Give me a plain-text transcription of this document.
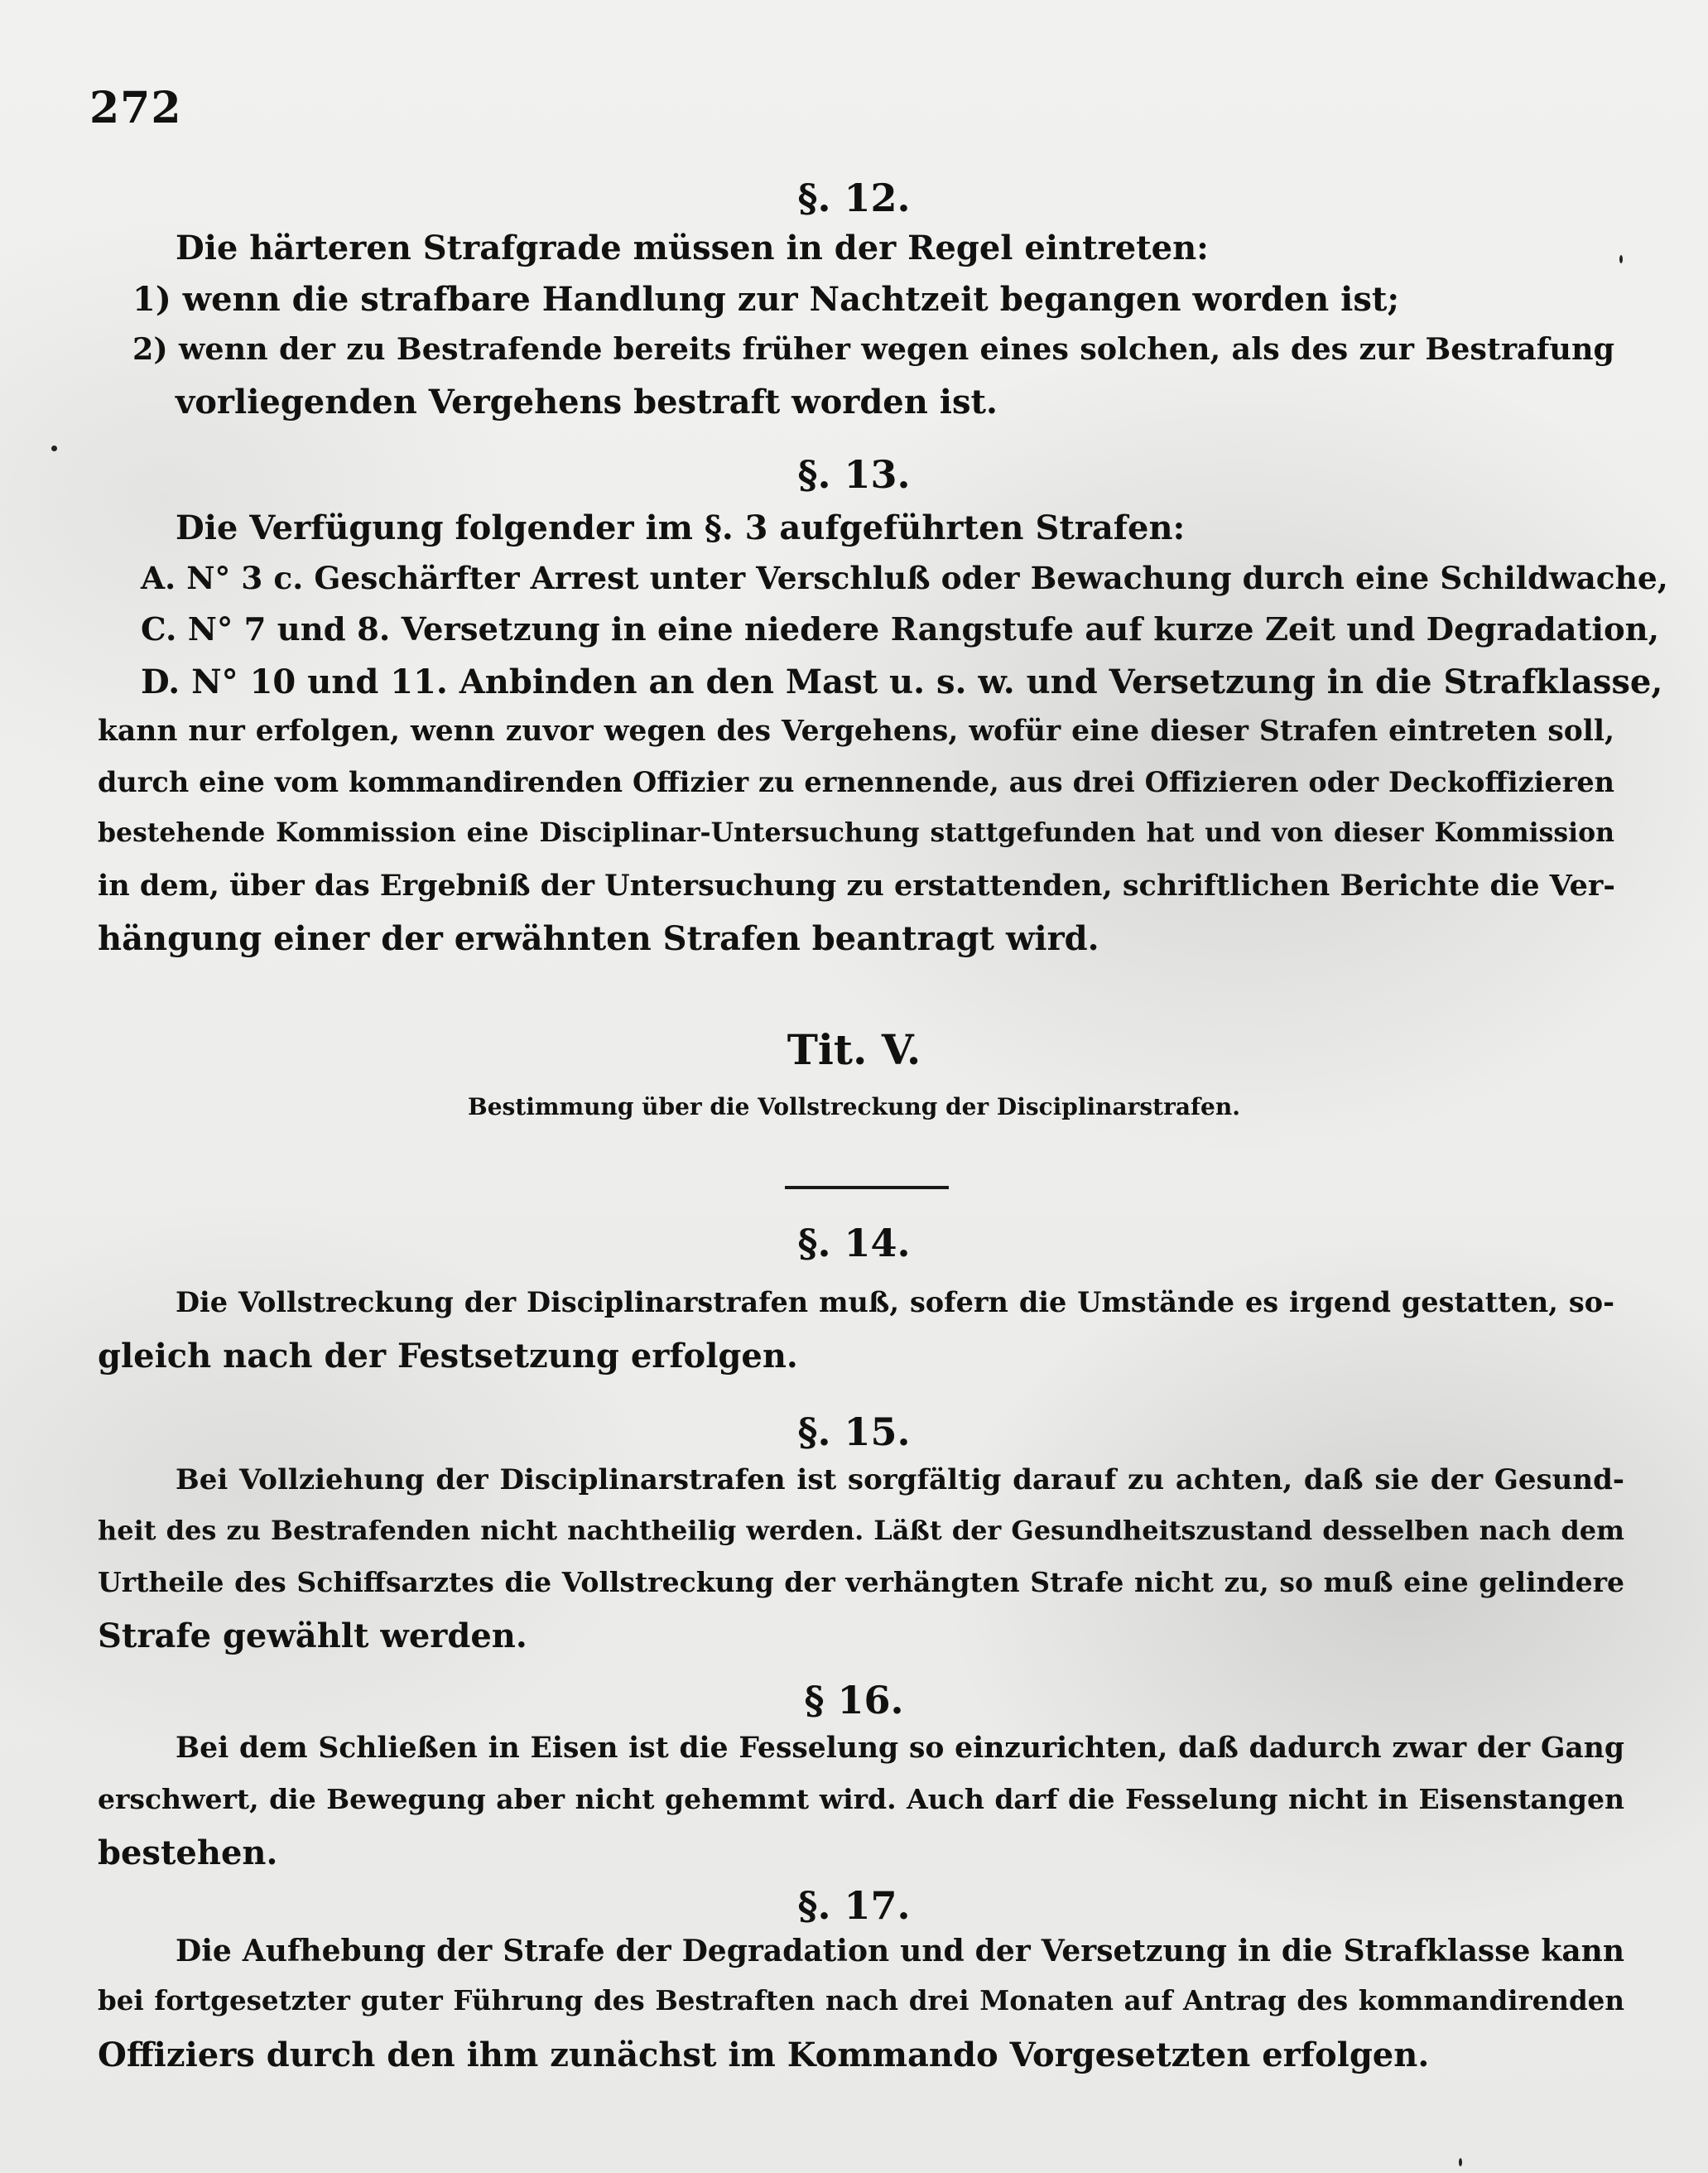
272
§. 12.
Die härteren Strafgrade müssen in der Regel eintreten:
1) wenn die strafbare Handlung zur Nachtzeit begangen worden ist;
2) wenn der zu Bestrafende bereits früher wegen eines solchen, als des zur Bestrafung
vorliegenden Vergehens bestraft worden ist.
§. 13.
Die Verfügung folgender im §. 3 aufgeführten Strafen:
A. N° 3 c. Geschärfter Arrest unter Verschluß oder Bewachung durch eine Schildwache,
C. N° 7 und 8. Versetzung in eine niedere Rangstufe auf kurze Zeit und Degradation,
D. N° 10 und 11. Anbinden an den Mast u. s. w. und Versetzung in die Strafklasse,
kann nur erfolgen, wenn zuvor wegen des Vergehens, wofür eine dieser Strafen eintreten soll,
durch eine vom kommandirenden Offizier zu ernennende, aus drei Offizieren oder Deckoffizieren
bestehende Kommission eine Disciplinar-Untersuchung stattgefunden hat und von dieser Kommission
in dem, über das Ergebniß der Untersuchung zu erstattenden, schriftlichen Berichte die Ver-
hängung einer der erwähnten Strafen beantragt wird.
Tit. V.
Bestimmung über die Vollstreckung der Disciplinarstrafen.
§. 14.
Die Vollstreckung der Disciplinarstrafen muß, sofern die Umstände es irgend gestatten, so-
gleich nach der Festsetzung erfolgen.
§. 15.
Bei Vollziehung der Disciplinarstrafen ist sorgfältig darauf zu achten, daß sie der Gesund-
heit des zu Bestrafenden nicht nachtheilig werden. Läßt der Gesundheitszustand desselben nach dem
Urtheile des Schiffsarztes die Vollstreckung der verhängten Strafe nicht zu, so muß eine gelindere
Strafe gewählt werden.
§ 16.
Bei dem Schließen in Eisen ist die Fesselung so einzurichten, daß dadurch zwar der Gang
erschwert, die Bewegung aber nicht gehemmt wird. Auch darf die Fesselung nicht in Eisenstangen
bestehen.
§. 17.
Die Aufhebung der Strafe der Degradation und der Versetzung in die Strafklasse kann
bei fortgesetzter guter Führung des Bestraften nach drei Monaten auf Antrag des kommandirenden
Offiziers durch den ihm zunächst im Kommando Vorgesetzten erfolgen.
